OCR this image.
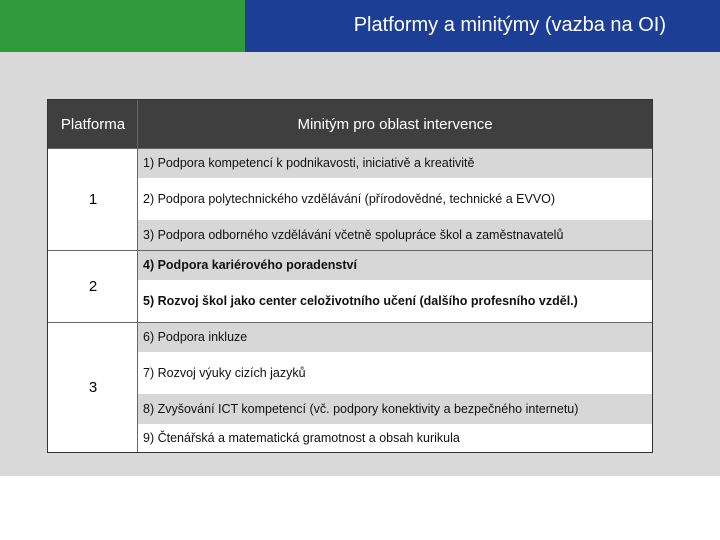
Platformy a minitýmy (vazba na OI)
Platforma	Minitým pro oblast intervence
1
2
3
1) Podpora kompetencí k podnikavosti, iniciativě a kreativitě
2) Podpora polytechnického vzdělávání (přírodovědné, technické a EVVO)
3) Podpora odborného vzdělávání včetně spolupráce škol a zaměstnavatelů
4) Podpora kariérového poradenství
5) Rozvoj škol jako center celoživotního učení (dalšího profesního vzděl.)
6) Podpora inkluze
7) Rozvoj výuky cizích jazyků
8) Zvyšování ICT kompetencí (vč. podpory konektivity a bezpečného internetu)
9) Čtenářská a matematická gramotnost a obsah kurikula
